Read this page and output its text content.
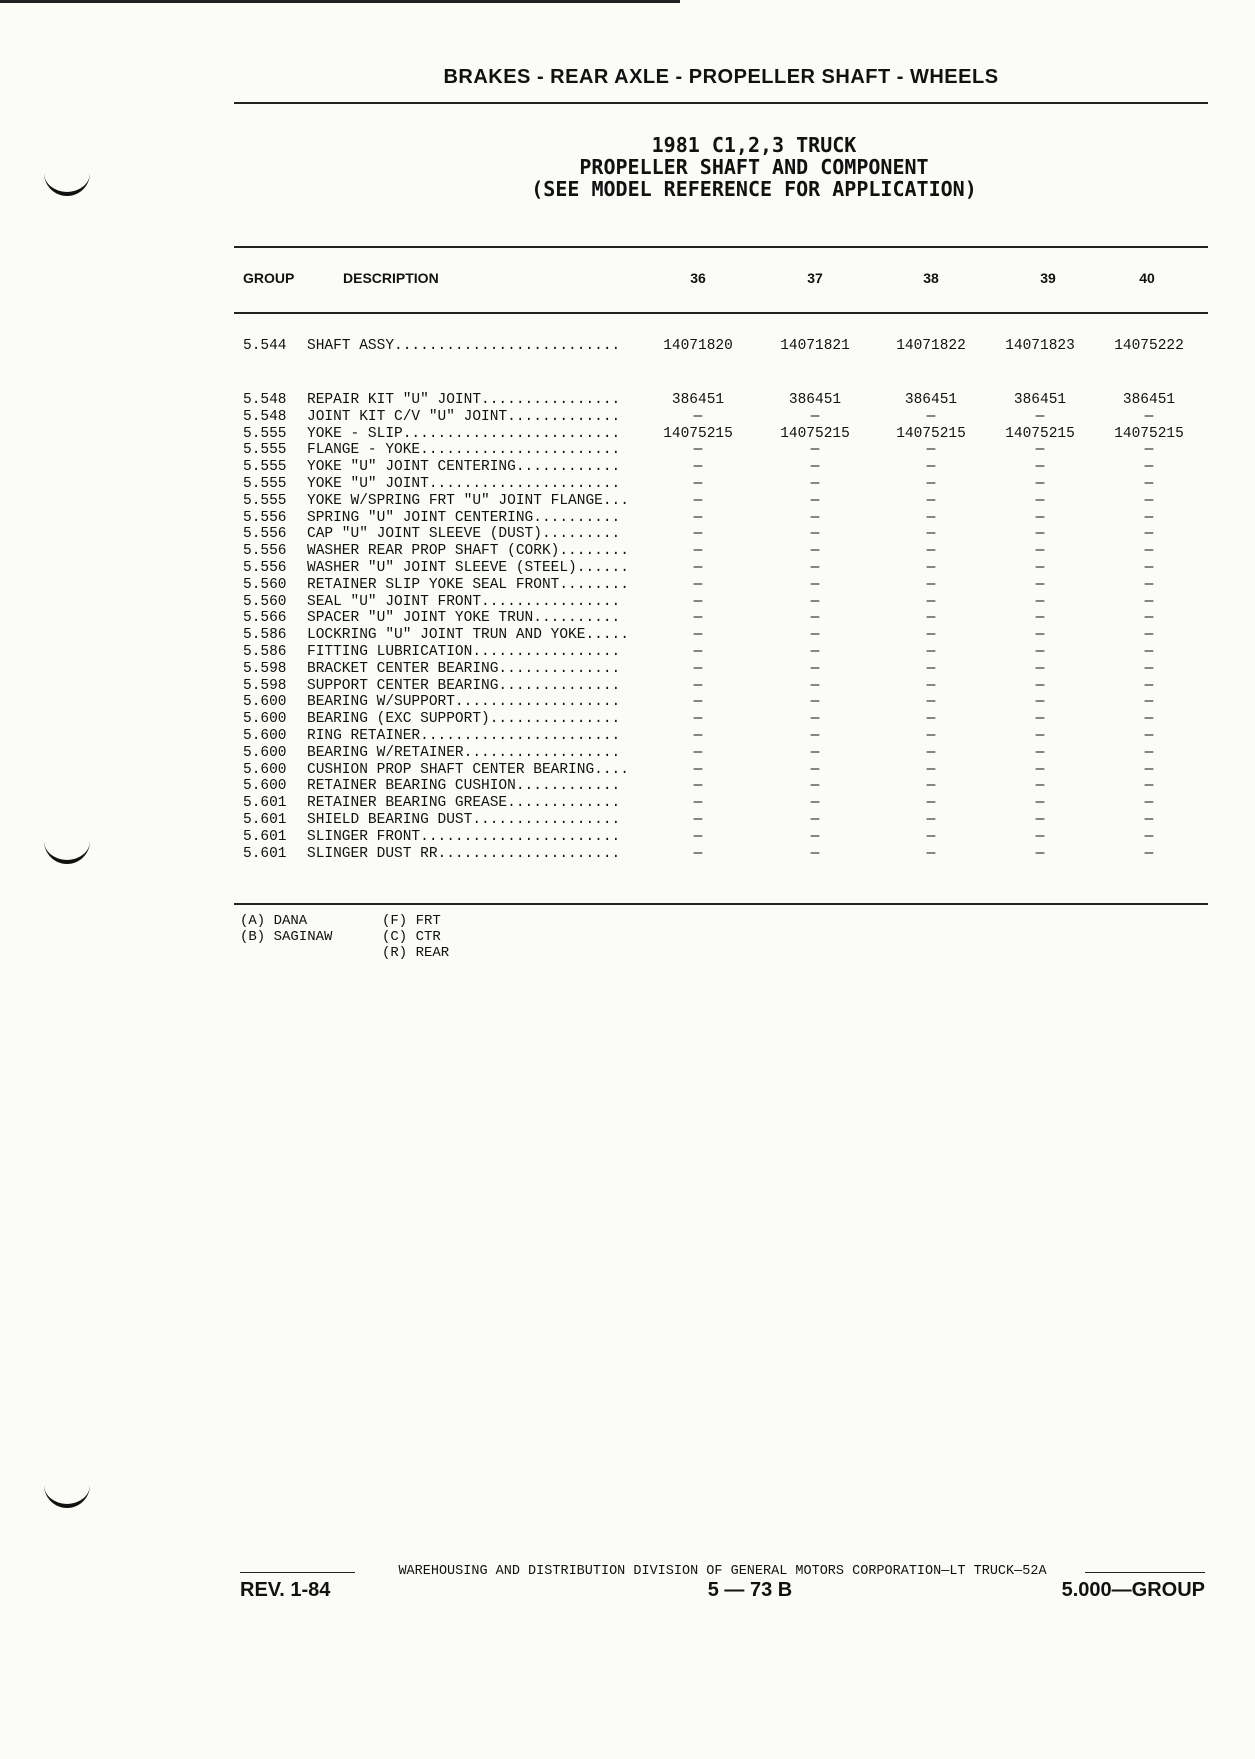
BRAKES - REAR AXLE - PROPELLER SHAFT - WHEELS
1981 C1,2,3 TRUCK
PROPELLER SHAFT AND COMPONENT
(SEE MODEL REFERENCE FOR APPLICATION)
GROUP	DESCRIPTION	36	37	38	39	40
5.544 SHAFT ASSY..........................	14071820	14071821	14071822	14071823	14075222
5.548 REPAIR KIT "U" JOINT................	386451	386451	386451	386451	386451
5.548 JOINT KIT C/V "U" JOINT.............	—	—	—	—	—
5.555 YOKE - SLIP.........................	14075215	14075215	14075215	14075215	14075215
5.555 FLANGE - YOKE.......................	—	—	—	—	—
5.555 YOKE "U" JOINT CENTERING............	—	—	—	—	—
5.555 YOKE "U" JOINT......................	—	—	—	—	—
5.555 YOKE W/SPRING FRT "U" JOINT FLANGE...	—	—	—	—	—
5.556 SPRING "U" JOINT CENTERING..........	—	—	—	—	—
5.556 CAP "U" JOINT SLEEVE (DUST).........	—	—	—	—	—
5.556 WASHER REAR PROP SHAFT (CORK)........	—	—	—	—	—
5.556 WASHER "U" JOINT SLEEVE (STEEL)......	—	—	—	—	—
5.560 RETAINER SLIP YOKE SEAL FRONT........	—	—	—	—	—
5.560 SEAL "U" JOINT FRONT................	—	—	—	—	—
5.566 SPACER "U" JOINT YOKE TRUN..........	—	—	—	—	—
5.586 LOCKRING "U" JOINT TRUN AND YOKE.....	—	—	—	—	—
5.586 FITTING LUBRICATION.................	—	—	—	—	—
5.598 BRACKET CENTER BEARING..............	—	—	—	—	—
5.598 SUPPORT CENTER BEARING..............	—	—	—	—	—
5.600 BEARING W/SUPPORT...................	—	—	—	—	—
5.600 BEARING (EXC SUPPORT)...............	—	—	—	—	—
5.600 RING RETAINER.......................	—	—	—	—	—
5.600 BEARING W/RETAINER..................	—	—	—	—	—
5.600 CUSHION PROP SHAFT CENTER BEARING....	—	—	—	—	—
5.600 RETAINER BEARING CUSHION............	—	—	—	—	—
5.601 RETAINER BEARING GREASE.............	—	—	—	—	—
5.601 SHIELD BEARING DUST.................	—	—	—	—	—
5.601 SLINGER FRONT.......................	—	—	—	—	—
5.601 SLINGER DUST RR.....................	—	—	—	—	—
(A) DANA
(B) SAGINAW
(F) FRT
(C) CTR
(R) REAR
WAREHOUSING AND DISTRIBUTION DIVISION OF GENERAL MOTORS CORPORATION—LT TRUCK—52A
REV. 1-84	5 — 73 B	5.000—GROUP
